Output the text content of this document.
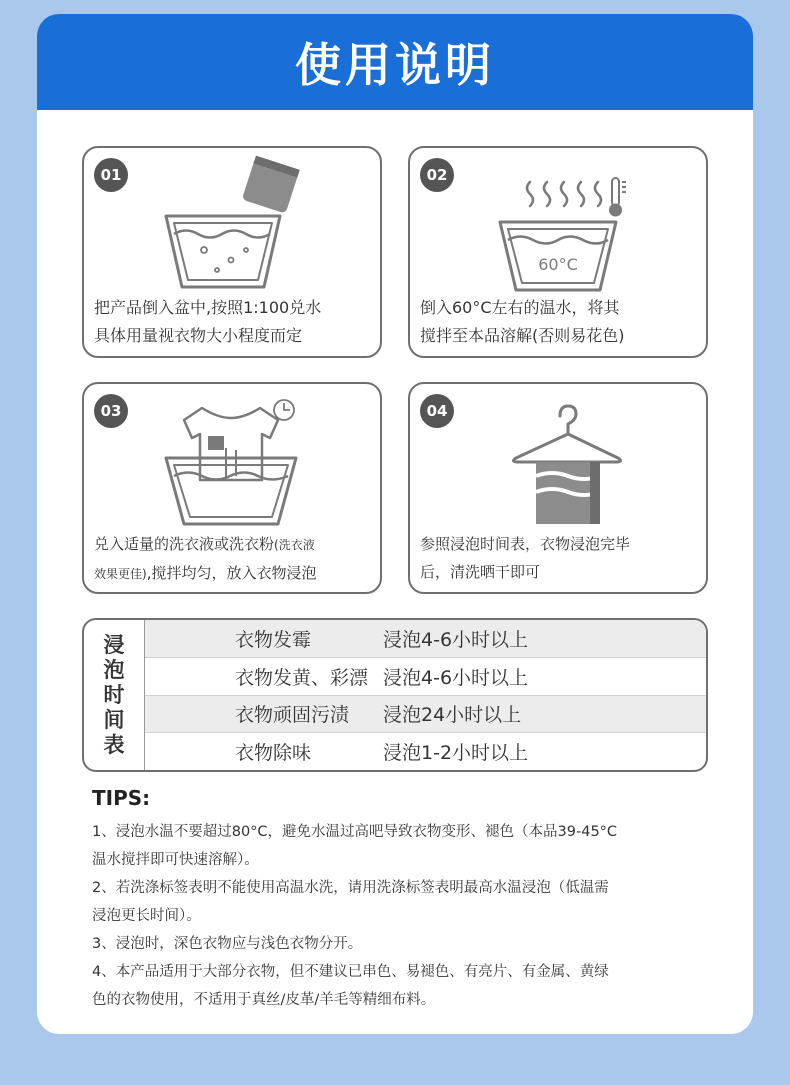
使用说明
01
把产品倒入盆中,按照1:100兑水
具体用量视衣物大小程度而定
60°C
02
倒入60°C左右的温水，将其
搅拌至本品溶解(否则易花色)
03
兑入适量的洗衣液或洗衣粉(洗衣液
效果更佳),搅拌均匀，放入衣物浸泡
04
参照浸泡时间表，衣物浸泡完毕
后，清洗晒干即可
浸
泡
时
间
表
衣物发霉	浸泡4-6小时以上
衣物发黄、彩漂 浸泡4-6小时以上
衣物顽固污渍	浸泡24小时以上
衣物除味	浸泡1-2小时以上
TIPS:
1、浸泡水温不要超过80°C，避免水温过高吧导致衣物变形、褪色（本品39-45°C
温水搅拌即可快速溶解）。
2、若洗涤标签表明不能使用高温水洗，请用洗涤标签表明最高水温浸泡（低温需
浸泡更长时间）。
3、浸泡时，深色衣物应与浅色衣物分开。
4、本产品适用于大部分衣物，但不建议已串色、易褪色、有亮片、有金属、黄绿
色的衣物使用，不适用于真丝/皮革/羊毛等精细布料。
